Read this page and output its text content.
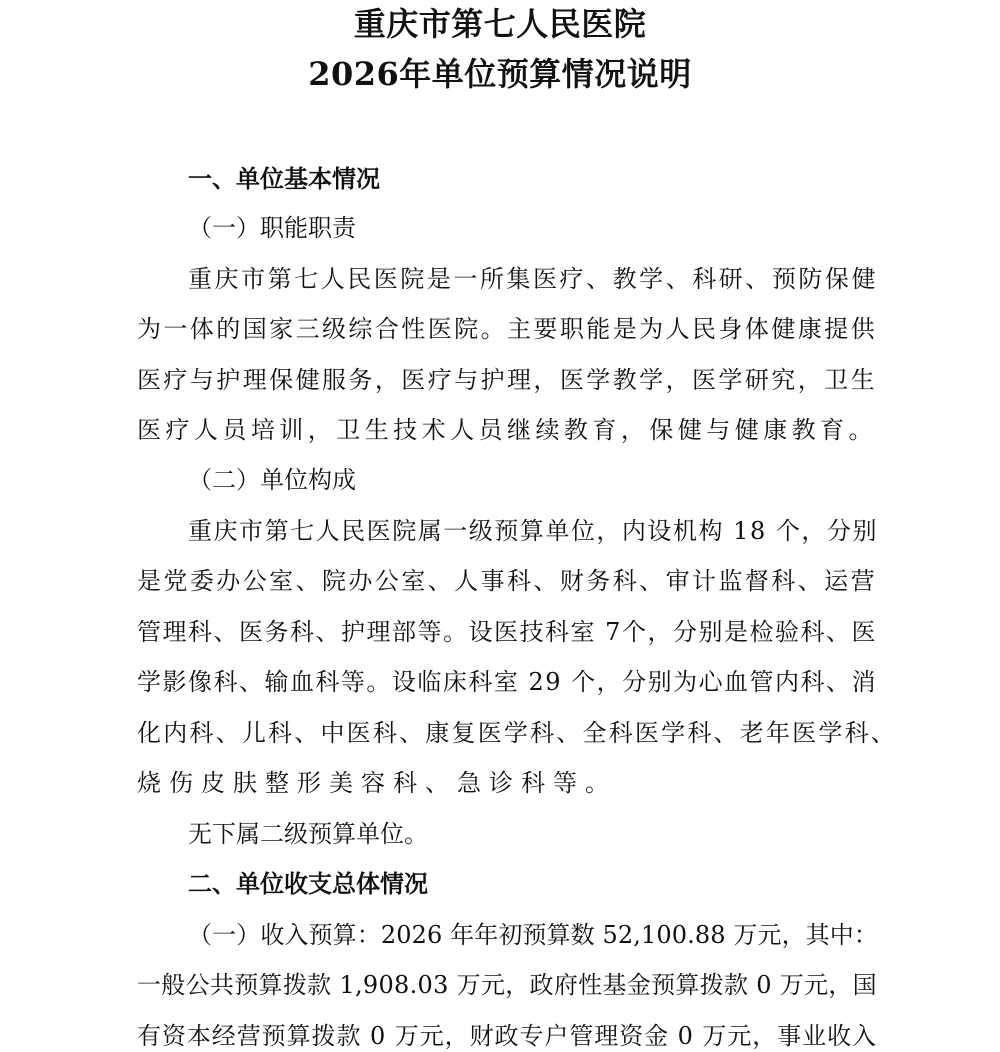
重庆市第七人民医院
2026年单位预算情况说明
一、单位基本情况
（一）职能职责
重庆市第七人民医院是一所集医疗、教学、科研、预防保健
为一体的国家三级综合性医院。主要职能是为人民身体健康提供
医疗与护理保健服务，医疗与护理，医学教学，医学研究，卫生
医疗人员培训，卫生技术人员继续教育，保健与健康教育。
（二）单位构成
重庆市第七人民医院属一级预算单位，内设机构 18 个，分别
是党委办公室、院办公室、人事科、财务科、审计监督科、运营
管理科、医务科、护理部等。设医技科室 7个，分别是检验科、医
学影像科、输血科等。设临床科室 29 个，分别为心血管内科、消
化内科、儿科、中医科、康复医学科、全科医学科、老年医学科、
烧伤皮肤整形美容科、急诊科等。
无下属二级预算单位。
二、单位收支总体情况
（一）收入预算：2026 年年初预算数 52,100.88 万元，其中：
一般公共预算拨款 1,908.03 万元，政府性基金预算拨款 0 万元，国
有资本经营预算拨款 0 万元，财政专户管理资金 0 万元，事业收入
